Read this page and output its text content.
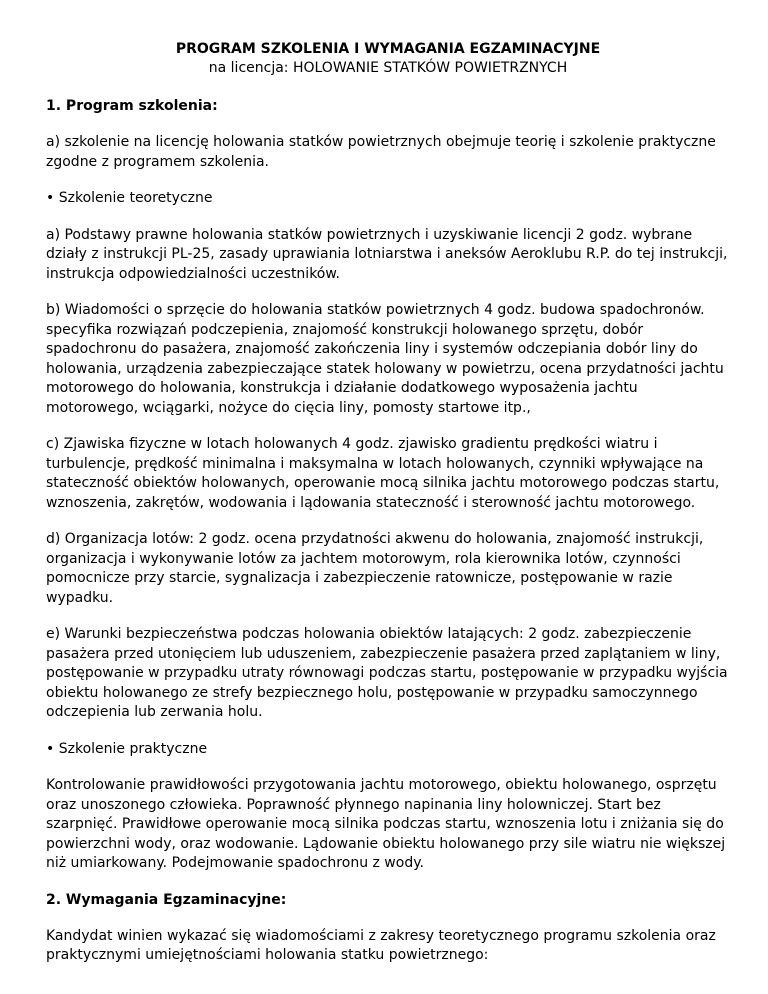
PROGRAM SZKOLENIA I WYMAGANIA EGZAMINACYJNE
na licencja: HOLOWANIE STATKÓW POWIETRZNYCH
1. Program szkolenia:

a) szkolenie na licencję holowania statków powietrznych obejmuje teorię i szkolenie praktyczne zgodne z programem szkolenia.

• Szkolenie teoretyczne

a) Podstawy prawne holowania statków powietrznych i uzyskiwanie licencji 2 godz. wybrane działy z instrukcji PL-25, zasady uprawiania lotniarstwa i aneksów Aeroklubu R.P. do tej instrukcji, instrukcja odpowiedzialności uczestników.

b) Wiadomości o sprzęcie do holowania statków powietrznych 4 godz. budowa spadochronów. specyfika rozwiązań podczepienia, znajomość konstrukcji holowanego sprzętu, dobór spadochronu do pasażera, znajomość zakończenia liny i systemów odczepiania dobór liny do holowania, urządzenia zabezpieczające statek holowany w powietrzu, ocena przydatności jachtu motorowego do holowania, konstrukcja i działanie dodatkowego wyposażenia jachtu motorowego, wciągarki, nożyce do cięcia liny, pomosty startowe itp.,

c) Zjawiska fizyczne w lotach holowanych 4 godz. zjawisko gradientu prędkości wiatru i turbulencje, prędkość minimalna i maksymalna w lotach holowanych, czynniki wpływające na stateczność obiektów holowanych, operowanie mocą silnika jachtu motorowego podczas startu, wznoszenia, zakrętów, wodowania i lądowania stateczność i sterowność jachtu motorowego.

d) Organizacja lotów: 2 godz. ocena przydatności akwenu do holowania, znajomość instrukcji, organizacja i wykonywanie lotów za jachtem motorowym, rola kierownika lotów, czynności pomocnicze przy starcie, sygnalizacja i zabezpieczenie ratownicze, postępowanie w razie wypadku.

e) Warunki bezpieczeństwa podczas holowania obiektów latających: 2 godz. zabezpieczenie pasażera przed utonięciem lub uduszeniem, zabezpieczenie pasażera przed zaplątaniem w liny, postępowanie w przypadku utraty równowagi podczas startu, postępowanie w przypadku wyjścia obiektu holowanego ze strefy bezpiecznego holu, postępowanie w przypadku samoczynnego odczepienia lub zerwania holu.

• Szkolenie praktyczne

Kontrolowanie prawidłowości przygotowania jachtu motorowego, obiektu holowanego, osprzętu oraz unoszonego człowieka. Poprawność płynnego napinania liny holowniczej. Start bez szarpnięć. Prawidłowe operowanie mocą silnika podczas startu, wznoszenia lotu i zniżania się do powierzchni wody, oraz wodowanie. Lądowanie obiektu holowanego przy sile wiatru nie większej niż umiarkowany. Podejmowanie spadochronu z wody.

2. Wymagania Egzaminacyjne:

Kandydat winien wykazać się wiadomościami z zakresy teoretycznego programu szkolenia oraz praktycznymi umiejętnościami holowania statku powietrznego:
